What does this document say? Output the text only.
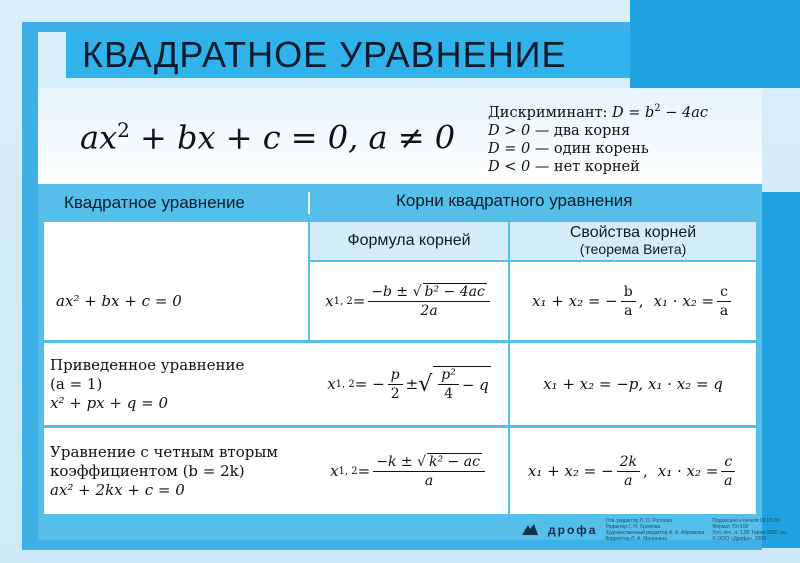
КВАДРАТНОЕ УРАВНЕНИЕ
$ax^2$ + bx + c = 0, a ≠ 0
Дискриминант: $D = b^2 - 4ac$
D > 0 — два корня
D = 0 — один корень
D < 0 — нет корней
Квадратное уравнение	Корни квадратного уравнения
Формула корней	Свойства корней
(теорема Виета)
ax² + bx + c = 0	x 1, $2 = \frac{\text{−b ± √ b² − 4ac}}{2a}$	x₁ + x₂ = − $\frac{b}{a}$ , $x_1 \cdot x_2 = \frac{c}{a}$
Приведенное уравнение
(a = 1)
x² + px + q = 0
x 1, 2 = − $\frac{p}{2}$ ± √ $\frac{\text{p²}}{4} - q$	x₁ + x₂ = −p, x₁ · x₂ = q
Уравнение с четным вторым
коэффициентом (b = 2k)
ax² + 2kx + c = 0
x 1, $2 = \frac{\text{−k ± √ k² − ac}}{a}$	x₁ + x₂ = − $\frac{2k}{a}$ , $x_1 \cdot x_2 = \frac{c}{a}$
дрофа
Отв. редактор Л. О. Рослова
Редактор Г. Н. Хромова
Художественный редактор А. А. Абрамова
Корректор Л. А. Малинина
Подписано к печати 09.09.09
Формат 70×100
Усл. печ. л. 1,95 Тираж 5000 экз.
© ООО «Дрофа», 2009
